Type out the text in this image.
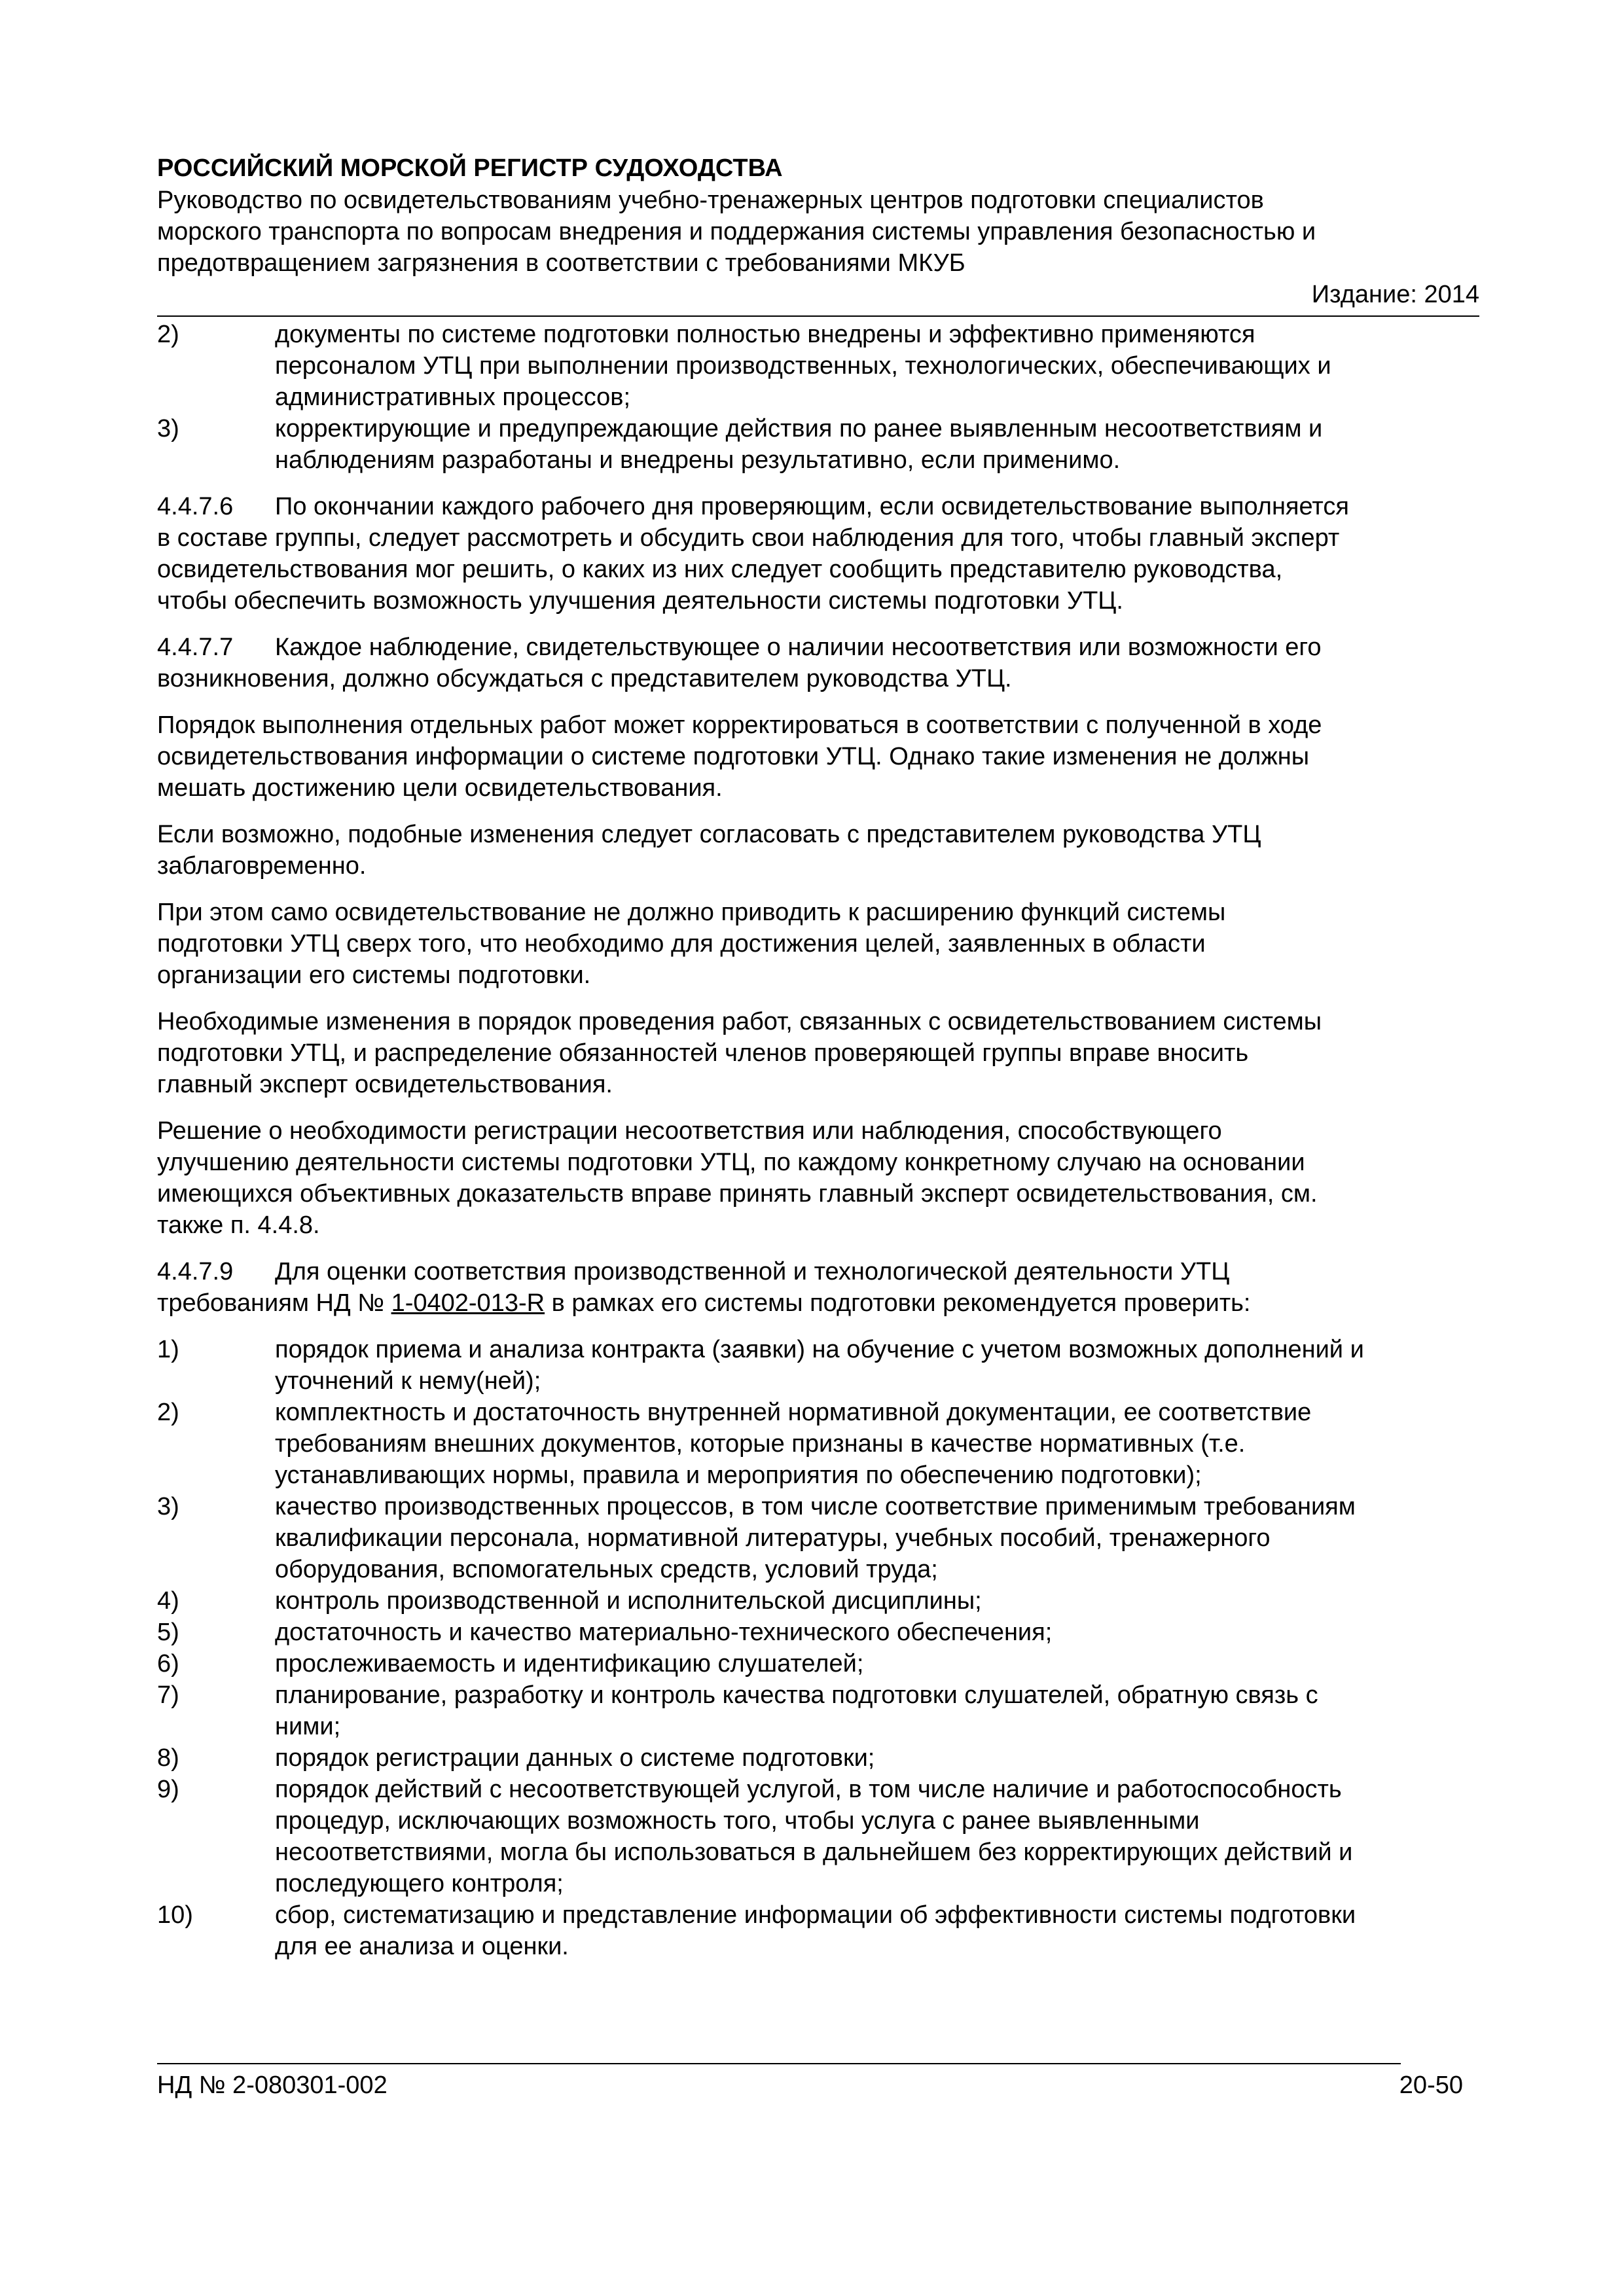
РОССИЙСКИЙ МОРСКОЙ РЕГИСТР СУДОХОДСТВА

Руководство по освидетельствованиям учебно-тренажерных центров подготовки специалистов

морского транспорта по вопросам внедрения и поддержания системы управления безопасностью и

предотвращением загрязнения в соответствии с требованиями МКУБ

Издание: 2014

2)	документы по системе подготовки полностью внедрены и эффективно применяются
персоналом УТЦ при выполнении производственных, технологических, обеспечивающих и
административных процессов;
3)	корректирующие и предупреждающие действия по ранее выявленным несоответствиям и
наблюдениям разработаны и внедрены результативно, если применимо.
4.4.7.6 По окончании каждого рабочего дня проверяющим, если освидетельствование выполняется
в составе группы, следует рассмотреть и обсудить свои наблюдения для того, чтобы главный эксперт
освидетельствования мог решить, о каких из них следует сообщить представителю руководства,
чтобы обеспечить возможность улучшения деятельности системы подготовки УТЦ.
4.4.7.7 Каждое наблюдение, свидетельствующее о наличии несоответствия или возможности его
возникновения, должно обсуждаться с представителем руководства УТЦ.
Порядок выполнения отдельных работ может корректироваться в соответствии с полученной в ходе
освидетельствования информации о системе подготовки УТЦ. Однако такие изменения не должны
мешать достижению цели освидетельствования.
Если возможно, подобные изменения следует согласовать с представителем руководства УТЦ
заблаговременно.
При этом само освидетельствование не должно приводить к расширению функций системы
подготовки УТЦ сверх того, что необходимо для достижения целей, заявленных в области
организации его системы подготовки.
Необходимые изменения в порядок проведения работ, связанных с освидетельствованием системы
подготовки УТЦ, и распределение обязанностей членов проверяющей группы вправе вносить
главный эксперт освидетельствования.
Решение о необходимости регистрации несоответствия или наблюдения, способствующего
улучшению деятельности системы подготовки УТЦ, по каждому конкретному случаю на основании
имеющихся объективных доказательств вправе принять главный эксперт освидетельствования, см.
также п. 4.4.8.
4.4.7.9 Для оценки соответствия производственной и технологической деятельности УТЦ
требованиям НД № 1-0402-013-R в рамках его системы подготовки рекомендуется проверить:
1)	порядок приема и анализа контракта (заявки) на обучение с учетом возможных дополнений и
уточнений к нему(ней);
2)	комплектность и достаточность внутренней нормативной документации, ее соответствие
требованиям внешних документов, которые признаны в качестве нормативных (т.е.
устанавливающих нормы, правила и мероприятия по обеспечению подготовки);
3)	качество производственных процессов, в том числе соответствие применимым требованиям
квалификации персонала, нормативной литературы, учебных пособий, тренажерного
оборудования, вспомогательных средств, условий труда;
4)	контроль производственной и исполнительской дисциплины;
5)	достаточность и качество материально-технического обеспечения;
6)	прослеживаемость и идентификацию слушателей;
7)	планирование, разработку и контроль качества подготовки слушателей, обратную связь с
ними;
8)	порядок регистрации данных о системе подготовки;
9)	порядок действий с несоответствующей услугой, в том числе наличие и работоспособность
процедур, исключающих возможность того, чтобы услуга с ранее выявленными
несоответствиями, могла бы использоваться в дальнейшем без корректирующих действий и
последующего контроля;
10)	сбор, систематизацию и представление информации об эффективности системы подготовки
для ее анализа и оценки.
НД № 2-080301-002	20-50
